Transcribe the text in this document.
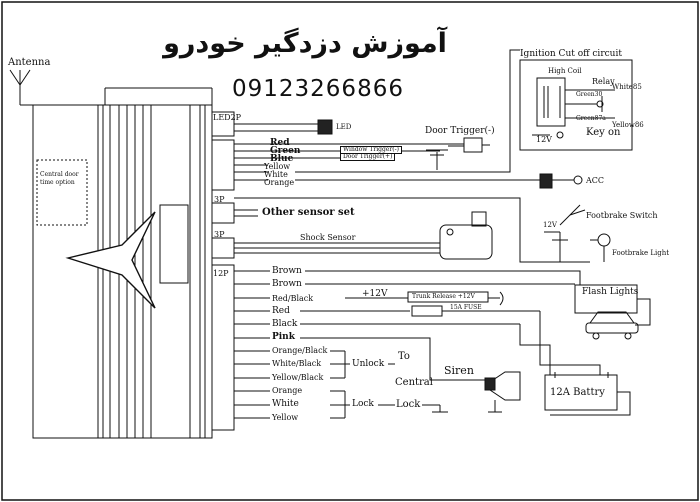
آموزش دزدگیر خودرو
09123266866
Antenna
Central door
time option
LED2P
3P
3P
12P
LED	Door Trigger(-)
Red
Green
Blue
Yellow
White
Orange
Window Trigger(-)
Door Trigger(+)
Ignition Cut off circuit
High Coil
Relay
White85
Green30
Green87a
Key on
Yellow86
12V
ACC
Other sensor set
Shock Sensor
Footbrake Switch
12V
Footbrake Light
Brown
Brown
Red/Black
Red
Black
Pink
Orange/Black
White/Black
Yellow/Black
Orange
White
Yellow
+12V	Trunk Release +12V
15A FUSE
Flash Lights
To
Unlock
Central
Lock Lock
Siren
12A Battry
